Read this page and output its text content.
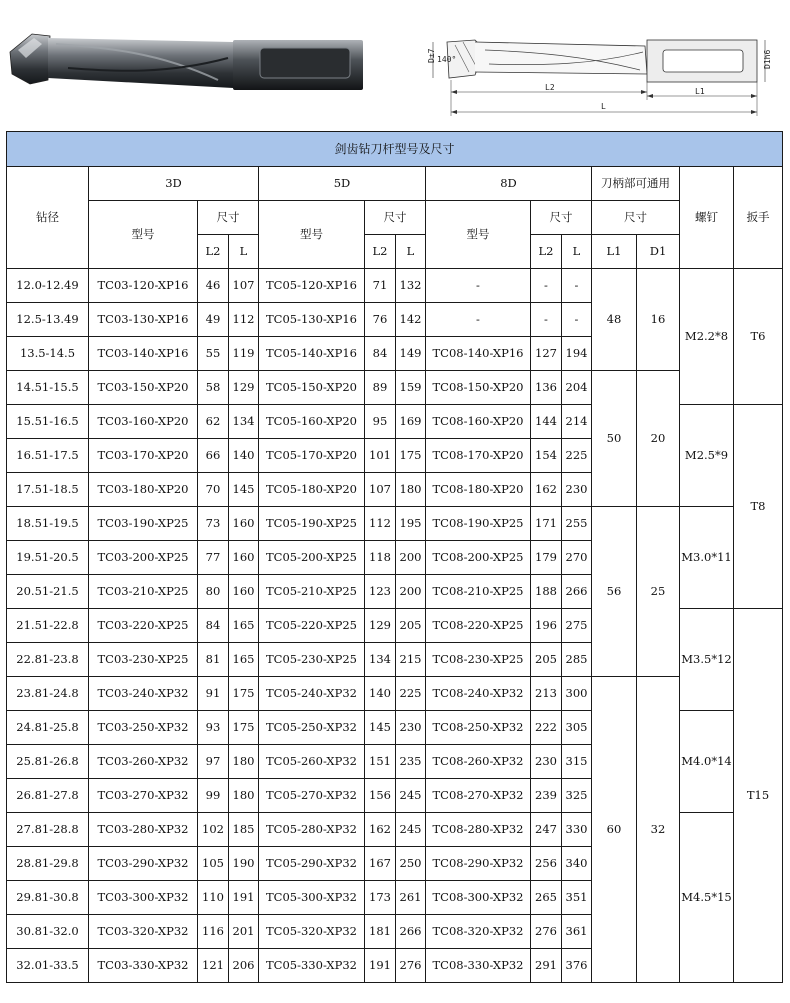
D±7 140°	D1h6
L2	L1
L
剑齿钻刀杆型号及尺寸													
钻径	3D			5D			8D			刀柄部可通用		螺钉	扳手
	型号	尺寸		型号	尺寸		型号	尺寸		尺寸			
		L2	L		L2	L		L2	L	L1	D1		
12.0-12.49	TC03-120-XP16	46	107	TC05-120-XP16	71	132	-	-	-	48	16	M2.2*8	T6
12.5-13.49	TC03-130-XP16	49	112	TC05-130-XP16	76	142	-	-	-				
13.5-14.5	TC03-140-XP16	55	119	TC05-140-XP16	84	149	TC08-140-XP16	127	194				
14.51-15.5	TC03-150-XP20	58	129	TC05-150-XP20	89	159	TC08-150-XP20	136	204	50	20		
15.51-16.5	TC03-160-XP20	62	134	TC05-160-XP20	95	169	TC08-160-XP20	144	214			M2.5*9	T8
16.51-17.5	TC03-170-XP20	66	140	TC05-170-XP20	101	175	TC08-170-XP20	154	225				
17.51-18.5	TC03-180-XP20	70	145	TC05-180-XP20	107	180	TC08-180-XP20	162	230				
18.51-19.5	TC03-190-XP25	73	160	TC05-190-XP25	112	195	TC08-190-XP25	171	255	56	25	M3.0*11	
19.51-20.5	TC03-200-XP25	77	160	TC05-200-XP25	118	200	TC08-200-XP25	179	270				
20.51-21.5	TC03-210-XP25	80	160	TC05-210-XP25	123	200	TC08-210-XP25	188	266				
21.51-22.8	TC03-220-XP25	84	165	TC05-220-XP25	129	205	TC08-220-XP25	196	275			M3.5*12	T15
22.81-23.8	TC03-230-XP25	81	165	TC05-230-XP25	134	215	TC08-230-XP25	205	285				
23.81-24.8	TC03-240-XP32	91	175	TC05-240-XP32	140	225	TC08-240-XP32	213	300	60	32		
24.81-25.8	TC03-250-XP32	93	175	TC05-250-XP32	145	230	TC08-250-XP32	222	305			M4.0*14	
25.81-26.8	TC03-260-XP32	97	180	TC05-260-XP32	151	235	TC08-260-XP32	230	315				
26.81-27.8	TC03-270-XP32	99	180	TC05-270-XP32	156	245	TC08-270-XP32	239	325				
27.81-28.8	TC03-280-XP32	102	185	TC05-280-XP32	162	245	TC08-280-XP32	247	330			M4.5*15	
28.81-29.8	TC03-290-XP32	105	190	TC05-290-XP32	167	250	TC08-290-XP32	256	340				
29.81-30.8	TC03-300-XP32	110	191	TC05-300-XP32	173	261	TC08-300-XP32	265	351				
30.81-32.0	TC03-320-XP32	116	201	TC05-320-XP32	181	266	TC08-320-XP32	276	361				
32.01-33.5	TC03-330-XP32	121	206	TC05-330-XP32	191	276	TC08-330-XP32	291	376				
